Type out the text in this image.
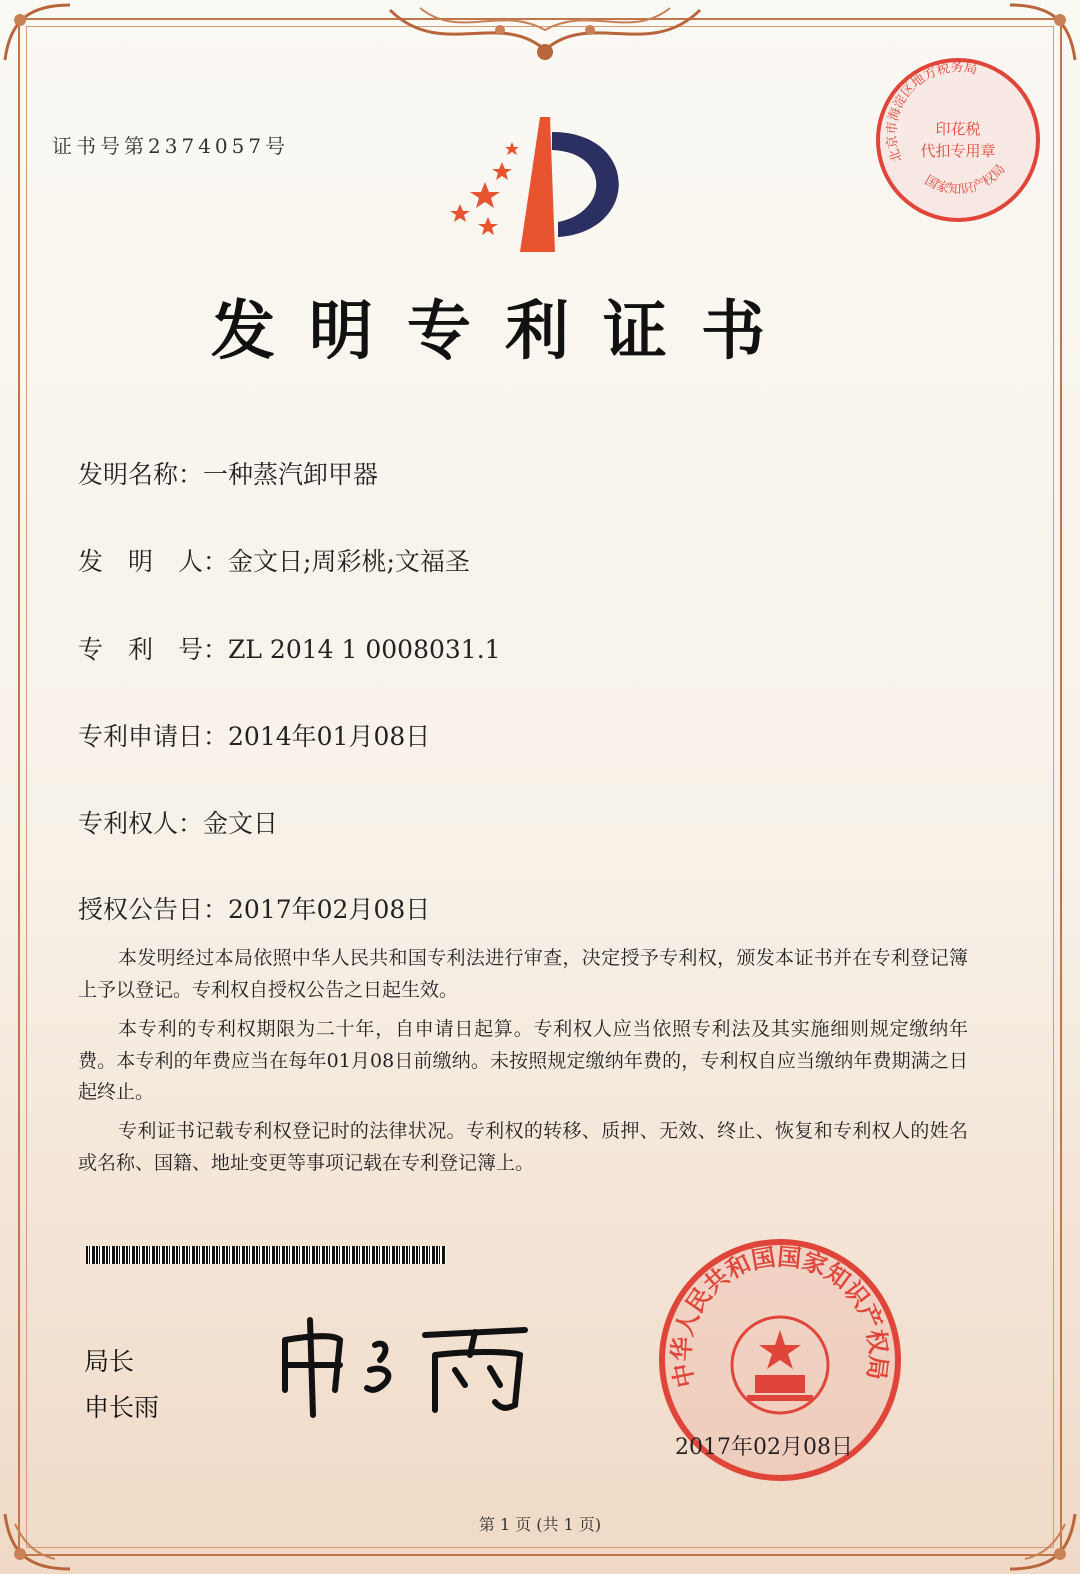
证书号第2374057号
发明专利证书
发明名称：一种蒸汽卸甲器
发　明　人：金文日;周彩桃;文福圣
专　利　号：ZL 2014 1 0008031.1
专利申请日：2014年01月08日
专利权人：金文日
授权公告日：2017年02月08日
本发明经过本局依照中华人民共和国专利法进行审查，决定授予专利权，颁发本证书并在专利登记簿上予以登记。专利权自授权公告之日起生效。
本专利的专利权期限为二十年，自申请日起算。专利权人应当依照专利法及其实施细则规定缴纳年费。本专利的年费应当在每年01月08日前缴纳。未按照规定缴纳年费的，专利权自应当缴纳年费期满之日起终止。
专利证书记载专利权登记时的法律状况。专利权的转移、质押、无效、终止、恢复和专利权人的姓名或名称、国籍、地址变更等事项记载在专利登记簿上。
局长
申长雨
中华人民共和国国家知识产权局
北京市海淀区地方税务局
国家知识产权局
印花税
代扣专用章
2017年02月08日
第 1 页 (共 1 页)
